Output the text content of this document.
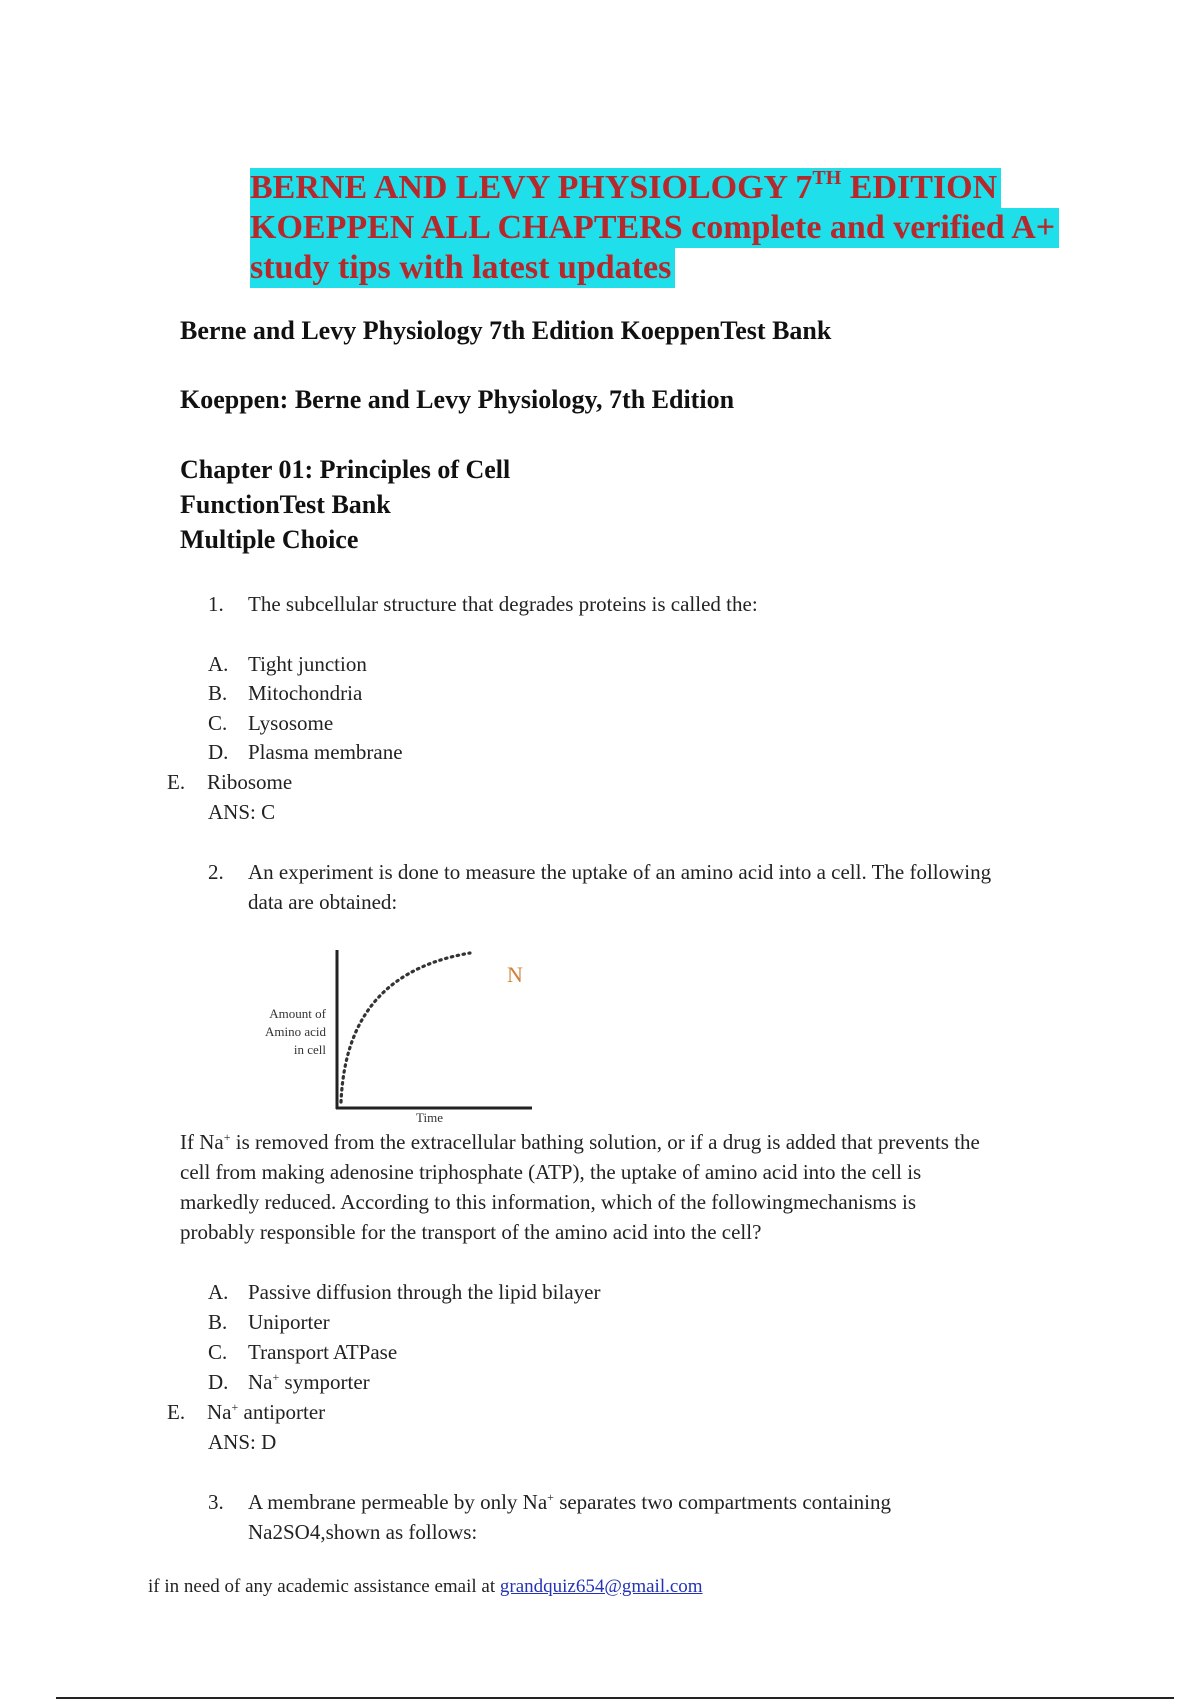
BERNE AND LEVY PHYSIOLOGY 7TH EDITION
KOEPPEN ALL CHAPTERS complete and verified A+
study tips with latest updates
Berne and Levy Physiology 7th Edition KoeppenTest Bank
Koeppen: Berne and Levy Physiology, 7th Edition
Chapter 01: Principles of Cell
FunctionTest Bank
Multiple Choice
1. The subcellular structure that degrades proteins is called the:
A. Tight junction
B. Mitochondria
C. Lysosome
D. Plasma membrane
E. Ribosome
ANS: C
2. An experiment is done to measure the uptake of an amino acid into a cell. The following
data are obtained:
Amount of
Amino acid
in cell
Time
N
If Na+ is removed from the extracellular bathing solution, or if a drug is added that prevents the
cell from making adenosine triphosphate (ATP), the uptake of amino acid into the cell is
markedly reduced. According to this information, which of the followingmechanisms is
probably responsible for the transport of the amino acid into the cell?
A. Passive diffusion through the lipid bilayer
B. Uniporter
C. Transport ATPase
D. Na+ symporter
E. Na+ antiporter
ANS: D
3. A membrane permeable by only Na+ separates two compartments containing
Na2SO4,shown as follows:
if in need of any academic assistance email at grandquiz654@gmail.com
